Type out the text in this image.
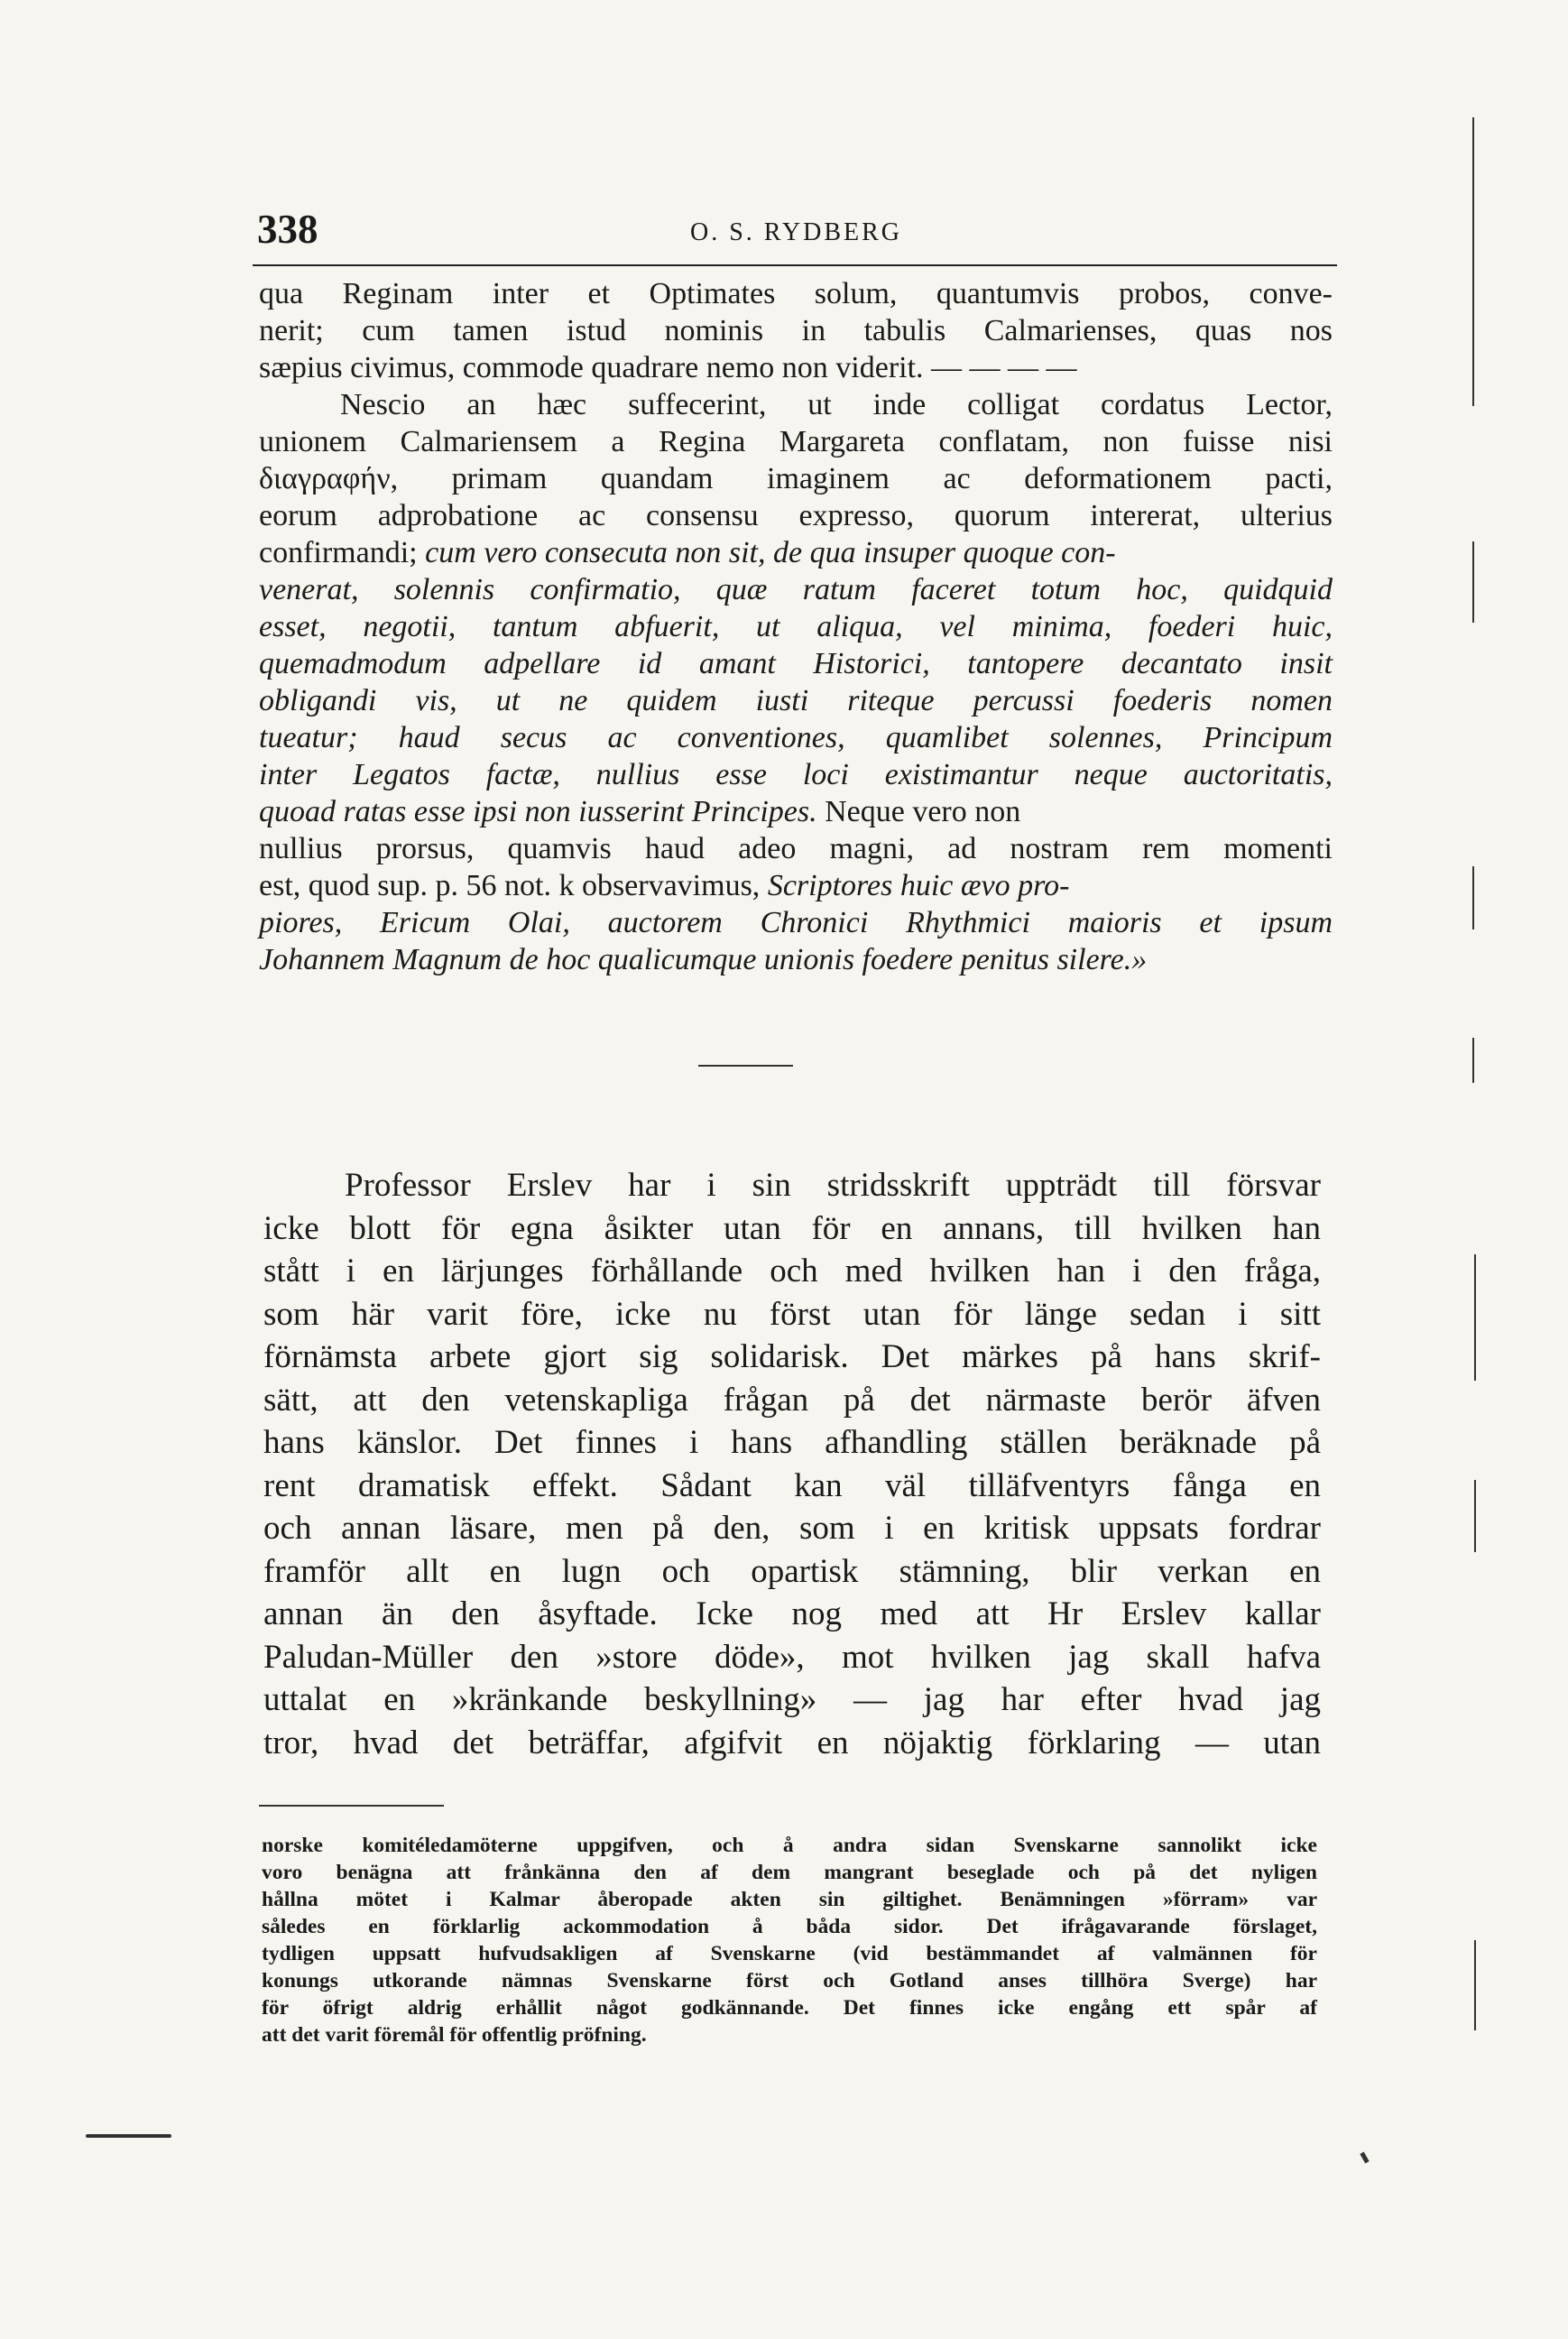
338	O. S. RYDBERG
qua Reginam inter et Optimates solum, quantumvis probos, conve-
nerit; cum tamen istud nominis in tabulis Calmarienses, quas nos
sæpius civimus, commode quadrare nemo non viderit. — — — —
Nescio an hæc suffecerint, ut inde colligat cordatus Lector,
unionem Calmariensem a Regina Margareta conflatam, non fuisse nisi
διαγραφήν, primam quandam imaginem ac deformationem pacti,
eorum adprobatione ac consensu expresso, quorum intererat, ulterius
confirmandi; cum vero consecuta non sit, de qua insuper quoque con-
venerat, solennis confirmatio, quæ ratum faceret totum hoc, quidquid
esset, negotii, tantum abfuerit, ut aliqua, vel minima, foederi huic,
quemadmodum adpellare id amant Historici, tantopere decantato insit
obligandi vis, ut ne quidem iusti riteque percussi foederis nomen
tueatur; haud secus ac conventiones, quamlibet solennes, Principum
inter Legatos factæ, nullius esse loci existimantur neque auctoritatis,
quoad ratas esse ipsi non iusserint Principes. Neque vero non
nullius prorsus, quamvis haud adeo magni, ad nostram rem momenti
est, quod sup. p. 56 not. k observavimus, Scriptores huic ævo pro-
piores, Ericum Olai, auctorem Chronici Rhythmici maioris et ipsum
Johannem Magnum de hoc qualicumque unionis foedere penitus silere.»
Professor Erslev har i sin stridsskrift uppträdt till försvar
icke blott för egna åsikter utan för en annans, till hvilken han
stått i en lärjunges förhållande och med hvilken han i den fråga,
som här varit före, icke nu först utan för länge sedan i sitt
förnämsta arbete gjort sig solidarisk. Det märkes på hans skrif-
sätt, att den vetenskapliga frågan på det närmaste berör äfven
hans känslor. Det finnes i hans afhandling ställen beräknade på
rent dramatisk effekt. Sådant kan väl tilläfventyrs fånga en
och annan läsare, men på den, som i en kritisk uppsats fordrar
framför allt en lugn och opartisk stämning, blir verkan en
annan än den åsyftade. Icke nog med att Hr Erslev kallar
Paludan-Müller den »store döde», mot hvilken jag skall hafva
uttalat en »kränkande beskyllning» — jag har efter hvad jag
tror, hvad det beträffar, afgifvit en nöjaktig förklaring — utan
norske komitéledamöterne uppgifven, och å andra sidan Svenskarne sannolikt icke
voro benägna att frånkänna den af dem mangrant beseglade och på det nyligen
hållna mötet i Kalmar åberopade akten sin giltighet. Benämningen »förram» var
således en förklarlig ackommodation å båda sidor. Det ifrågavarande förslaget,
tydligen uppsatt hufvudsakligen af Svenskarne (vid bestämmandet af valmännen för
konungs utkorande nämnas Svenskarne först och Gotland anses tillhöra Sverge) har
för öfrigt aldrig erhållit något godkännande. Det finnes icke engång ett spår af
att det varit föremål för offentlig pröfning.
